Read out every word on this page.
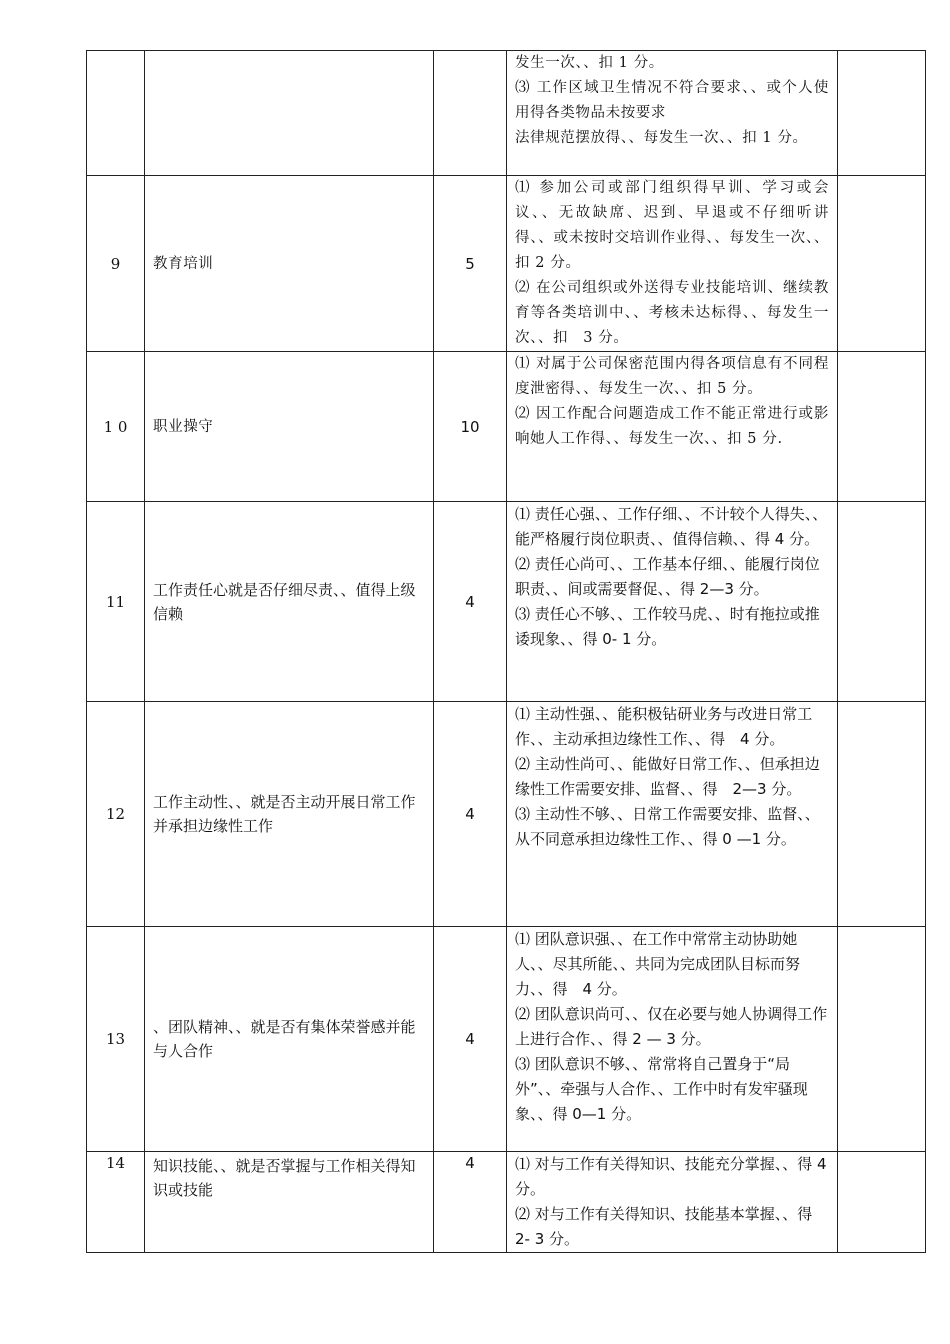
			发生一次、、扣 1 分。
⑶ 工作区域卫生情况不符合要求、、或个人使用得各类物品未按要求
法律规范摆放得、、每发生一次、、扣 1 分。	

9	教育培训	5	⑴ 参加公司或部门组织得早训、学习或会议、、无故缺席、迟到、早退或不仔细听讲得、、或未按时交培训作业得、、每发生一次、、扣 2 分。
⑵ 在公司组织或外送得专业技能培训、继续教育等各类培训中、、考核未达标得、、每发生一次、、扣　3 分。	

1 0	职业操守	10	⑴ 对属于公司保密范围内得各项信息有不同程度泄密得、、每发生一次、、扣 5 分。
⑵ 因工作配合问题造成工作不能正常进行或影响她人工作得、、每发生一次、、扣 5 分.	

11	工作责任心就是否仔细尽责、、值得上级信赖	4	⑴ 责任心强、、工作仔细、、不计较个人得失、、能严格履行岗位职责、、值得信赖、、得 4 分。
⑵ 责任心尚可、、工作基本仔细、、能履行岗位职责、、间或需要督促、、得 2—3 分。
⑶ 责任心不够、、工作较马虎、、时有拖拉或推诿现象、、得 0- 1 分。	

12	工作主动性、、就是否主动开展日常工作并承担边缘性工作	4	⑴ 主动性强、、能积极钻研业务与改进日常工作、、主动承担边缘性工作、、得　4 分。
⑵ 主动性尚可、、能做好日常工作、、但承担边缘性工作需要安排、监督、、得　2—3 分。
⑶ 主动性不够、、日常工作需要安排、监督、、从不同意承担边缘性工作、、得 0 —1 分。	

13	、团队精神、、就是否有集体荣誉感并能与人合作	4	⑴ 团队意识强、、在工作中常常主动协助她人、、尽其所能、、共同为完成团队目标而努力、、得　4 分。
⑵ 团队意识尚可、、仅在必要与她人协调得工作上进行合作、、得 2 — 3 分。
⑶ 团队意识不够、、常常将自己置身于“局外”、、牵强与人合作、、工作中时有发牢骚现象、、得 0—1 分。	

14	知识技能、、就是否掌握与工作相关得知识或技能	4	⑴ 对与工作有关得知识、技能充分掌握、、得 4 分。
⑵ 对与工作有关得知识、技能基本掌握、、得 2- 3 分。	
